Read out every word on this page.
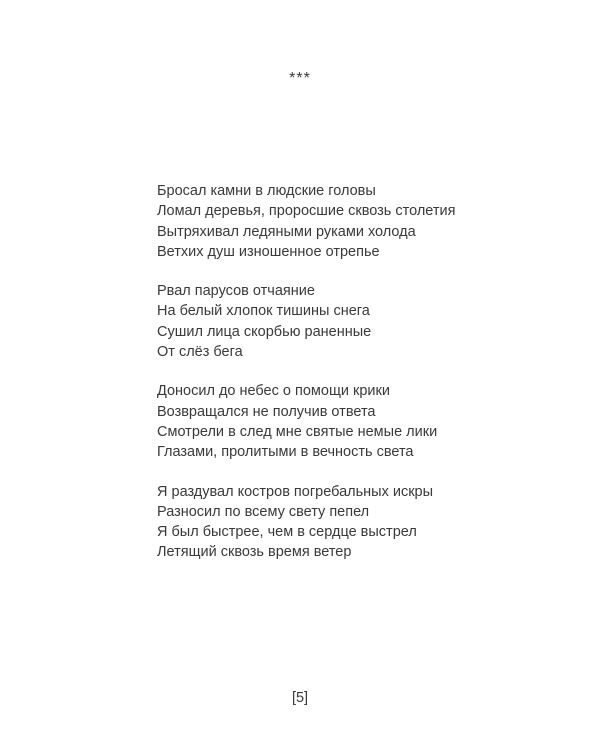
***
Бросал камни в людские головы
Ломал деревья, проросшие сквозь столетия
Вытряхивал ледяными руками холода
Ветхих душ изношенное отрепье
Рвал парусов отчаяние
На белый хлопок тишины снега
Сушил лица скорбью раненные
От слёз бега
Доносил до небес о помощи крики
Возвращался не получив ответа
Смотрели в след мне святые немые лики
Глазами, пролитыми в вечность света
Я раздувал костров погребальных искры
Разносил по всему свету пепел
Я был быстрее, чем в сердце выстрел
Летящий сквозь время ветер
[5]
